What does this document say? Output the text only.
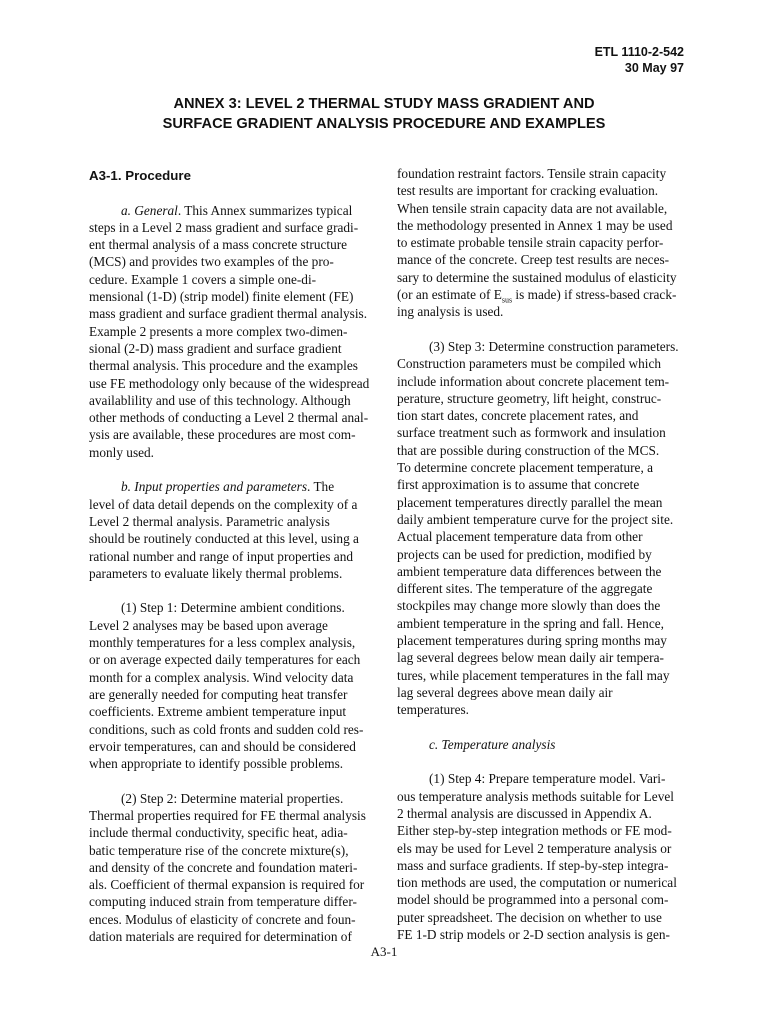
ETL 1110-2-542
30 May 97
ANNEX 3: LEVEL 2 THERMAL STUDY MASS GRADIENT AND
SURFACE GRADIENT ANALYSIS PROCEDURE AND EXAMPLES

A3-1. Procedure

a. General. This Annex summarizes typical

steps in a Level 2 mass gradient and surface gradi-

ent thermal analysis of a mass concrete structure

(MCS) and provides two examples of the pro-

cedure. Example 1 covers a simple one-di-

mensional (1-D) (strip model) finite element (FE)

mass gradient and surface gradient thermal analysis.

Example 2 presents a more complex two-dimen-

sional (2-D) mass gradient and surface gradient

thermal analysis. This procedure and the examples

use FE methodology only because of the widespread

availablility and use of this technology. Although

other methods of conducting a Level 2 thermal anal-

ysis are available, these procedures are most com-

monly used.

b. Input properties and parameters. The

level of data detail depends on the complexity of a

Level 2 thermal analysis. Parametric analysis

should be routinely conducted at this level, using a

rational number and range of input properties and

parameters to evaluate likely thermal problems.

(1) Step 1: Determine ambient conditions.

Level 2 analyses may be based upon average

monthly temperatures for a less complex analysis,

or on average expected daily temperatures for each

month for a complex analysis. Wind velocity data

are generally needed for computing heat transfer

coefficients. Extreme ambient temperature input

conditions, such as cold fronts and sudden cold res-

ervoir temperatures, can and should be considered

when appropriate to identify possible problems.

(2) Step 2: Determine material properties.

Thermal properties required for FE thermal analysis

include thermal conductivity, specific heat, adia-

batic temperature rise of the concrete mixture(s),

and density of the concrete and foundation materi-

als. Coefficient of thermal expansion is required for

computing induced strain from temperature differ-

ences. Modulus of elasticity of concrete and foun-

dation materials are required for determination of

foundation restraint factors. Tensile strain capacity

test results are important for cracking evaluation.

When tensile strain capacity data are not available,

the methodology presented in Annex 1 may be used

to estimate probable tensile strain capacity perfor-

mance of the concrete. Creep test results are neces-

sary to determine the sustained modulus of elasticity

(or an estimate of $E_{sus}$ is made) if stress-based crack-

ing analysis is used.

(3) Step 3: Determine construction parameters.

Construction parameters must be compiled which

include information about concrete placement tem-

perature, structure geometry, lift height, construc-

tion start dates, concrete placement rates, and

surface treatment such as formwork and insulation

that are possible during construction of the MCS.

To determine concrete placement temperature, a

first approximation is to assume that concrete

placement temperatures directly parallel the mean

daily ambient temperature curve for the project site.

Actual placement temperature data from other

projects can be used for prediction, modified by

ambient temperature data differences between the

different sites. The temperature of the aggregate

stockpiles may change more slowly than does the

ambient temperature in the spring and fall. Hence,

placement temperatures during spring months may

lag several degrees below mean daily air tempera-

tures, while placement temperatures in the fall may

lag several degrees above mean daily air

temperatures.

c. Temperature analysis

(1) Step 4: Prepare temperature model. Vari-

ous temperature analysis methods suitable for Level

2 thermal analysis are discussed in Appendix A.

Either step-by-step integration methods or FE mod-

els may be used for Level 2 temperature analysis or

mass and surface gradients. If step-by-step integra-

tion methods are used, the computation or numerical

model should be programmed into a personal com-

puter spreadsheet. The decision on whether to use

FE 1-D strip models or 2-D section analysis is gen-

A3-1
